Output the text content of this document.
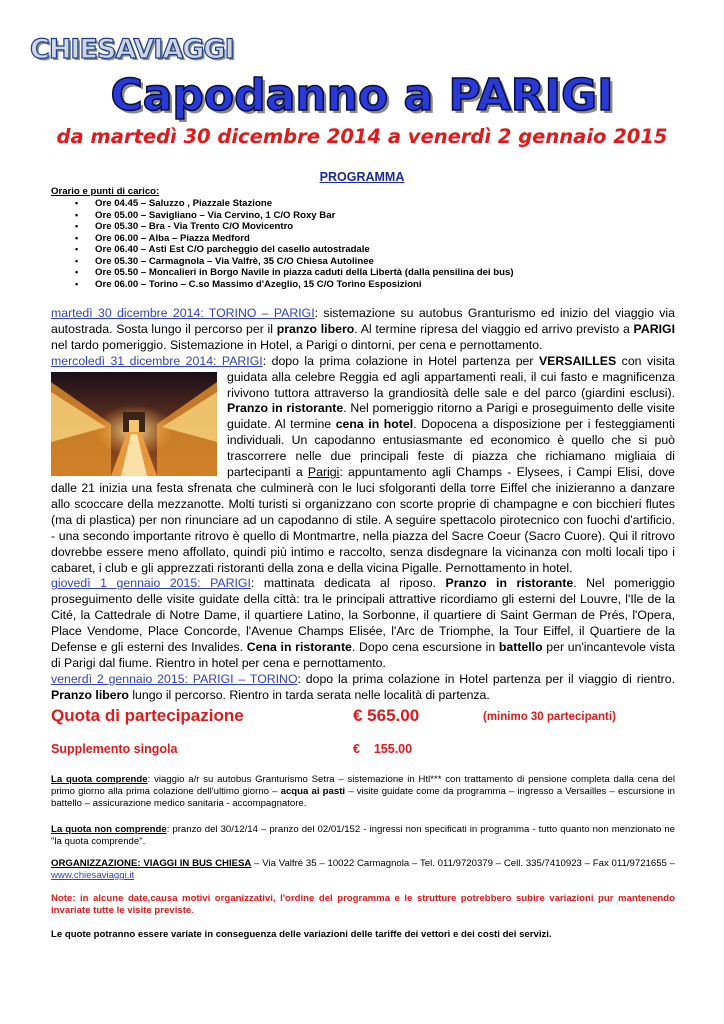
CHIESAVIAGGI
Capodanno a PARIGI
da martedì 30 dicembre 2014 a venerdì 2 gennaio 2015
PROGRAMMA
Orario e punti di carico:
• Ore 04.45 – Saluzzo , Piazzale Stazione
• Ore 05.00 – Savigliano – Via Cervino, 1 C/O Roxy Bar
• Ore 05.30 – Bra - Via Trento C/O Movicentro
• Ore 06.00 – Alba – Piazza Medford
• Ore 06.40 – Asti Est C/O parcheggio del casello autostradale
• Ore 05.30 – Carmagnola – Via Valfrè, 35 C/O Chiesa Autolinee
• Ore 05.50 – Moncalieri in Borgo Navile in piazza caduti della Libertà (dalla pensilina dei bus)
• Ore 06.00 – Torino – C.so Massimo d'Azeglio, 15 C/O Torino Esposizioni

martedì 30 dicembre 2014: TORINO – PARIGI: sistemazione su autobus Granturismo ed inizio del viaggio via autostrada. Sosta lungo il percorso per il pranzo libero. Al termine ripresa del viaggio ed arrivo previsto a PARIGI nel tardo pomeriggio. Sistemazione in Hotel, a Parigi o dintorni, per cena e pernottamento.

mercoledì 31 dicembre 2014: PARIGI: dopo la prima colazione in Hotel partenza per VERSAILLES
con visita guidata alla celebre Reggia ed agli appartamenti reali, il cui fasto e magnificenza rivivono tuttora attraverso la grandiosità delle sale e del parco (giardini esclusi). Pranzo in ristorante. Nel pomeriggio ritorno a Parigi e proseguimento delle visite guidate. Al termine cena in hotel. Dopocena a disposizione per i festeggiamenti individuali. Un capodanno entusiasmante ed economico è quello che si può trascorrere nelle due principali feste di piazza che richiamano migliaia di partecipanti a Parigi: appuntamento agli Champs - Elysees, i Campi Elisi, dove dalle 21 inizia una festa sfrenata che culminerà con le luci sfolgoranti della torre Eiffel che inizieranno a danzare allo scoccare della mezzanotte. Molti turisti si organizzano con scorte proprie di champagne e con bicchieri flutes (ma di plastica) per non rinunciare ad un capodanno di stile. A seguire spettacolo pirotecnico con fuochi d'artificio. - una secondo importante ritrovo è quello di Montmartre, nella piazza del Sacre Coeur (Sacro Cuore). Qui il ritrovo dovrebbe essere meno affollato, quindi più intimo e raccolto, senza disdegnare la vicinanza con molti locali tipo i cabaret, i club e gli apprezzati ristoranti della zona e della vicina Pigalle. Pernottamento in hotel.

giovedì 1 gennaio 2015: PARIGI: mattinata dedicata al riposo. Pranzo in ristorante. Nel pomeriggio proseguimento delle visite guidate della città: tra le principali attrattive ricordiamo gli esterni del Louvre, l'Ile de la Cité, la Cattedrale di Notre Dame, il quartiere Latino, la Sorbonne, il quartiere di Saint German de Prés, l'Opera, Place Vendome, Place Concorde, l'Avenue Champs Elisée, l'Arc de Triomphe, la Tour Eiffel, il Quartiere de la Defense e gli esterni des Invalides. Cena in ristorante. Dopo cena escursione in battello per un'incantevole vista di Parigi dal fiume. Rientro in hotel per cena e pernottamento.

venerdì 2 gennaio 2015: PARIGI – TORINO: dopo la prima colazione in Hotel partenza per il viaggio di rientro. Pranzo libero lungo il percorso. Rientro in tarda serata nelle località di partenza.

Quota di partecipazione	€ 565.00	(minimo 30 partecipanti)
Supplemento singola	€    155.00

La quota comprende: viaggio a/r su autobus Granturismo Setra – sistemazione in Htl*** con trattamento di pensione completa dalla cena del primo giorno alla prima colazione dell'ultimo giorno – acqua ai pasti – visite guidate come da programma – ingresso a Versailles – escursione in battello – assicurazione medico sanitaria - accompagnatore.

La quota non comprende: pranzo del 30/12/14 – pranzo del 02/01/152 - ingressi non specificati in programma - tutto quanto non menzionato ne "la quota comprende".

ORGANIZZAZIONE: VIAGGI IN BUS CHIESA – Via Valfrè 35 – 10022 Carmagnola – Tel. 011/9720379 – Cell. 335/7410923 – Fax 011/9721655 – www.chiesaviaggi.it

Note: in alcune date,causa motivi organizzativi, l'ordine del programma e le strutture potrebbero subire variazioni pur mantenendo invariate tutte le visite previste.

Le quote potranno essere variate in conseguenza delle variazioni delle tariffe dei vettori e dei costi dei servizi.
